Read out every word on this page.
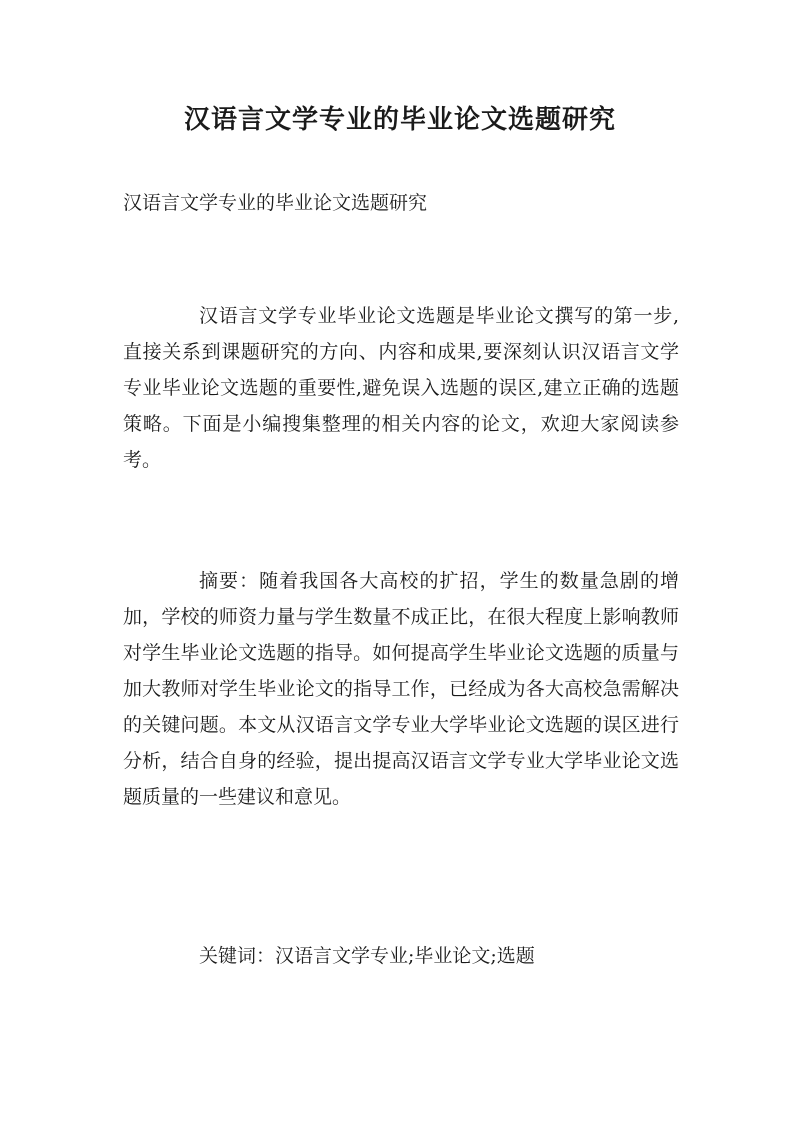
汉语言文学专业的毕业论文选题研究

汉语言文学专业的毕业论文选题研究

汉语言文学专业毕业论文选题是毕业论文撰写的第一步,直接关系到课题研究的方向、内容和成果,要深刻认识汉语言文学专业毕业论文选题的重要性,避免误入选题的误区,建立正确的选题策略。下面是小编搜集整理的相关内容的论文，欢迎大家阅读参考。

摘要：随着我国各大高校的扩招，学生的数量急剧的增加，学校的师资力量与学生数量不成正比，在很大程度上影响教师对学生毕业论文选题的指导。如何提高学生毕业论文选题的质量与加大教师对学生毕业论文的指导工作，已经成为各大高校急需解决的关键问题。本文从汉语言文学专业大学毕业论文选题的误区进行分析，结合自身的经验，提出提高汉语言文学专业大学毕业论文选题质量的一些建议和意见。

关键词：汉语言文学专业;毕业论文;选题
